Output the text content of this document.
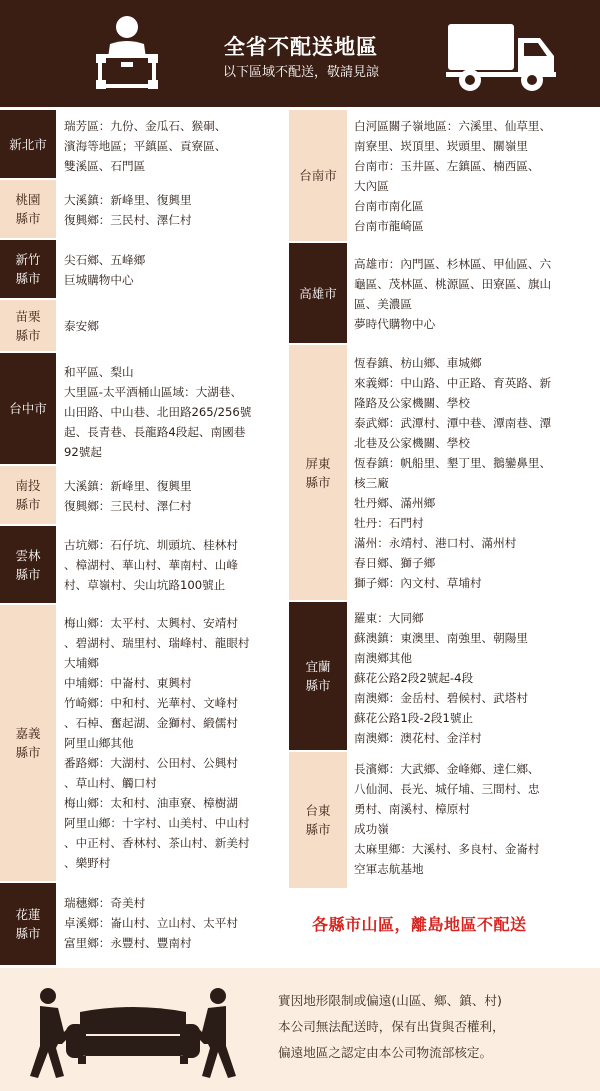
全省不配送地區
以下區域不配送，敬請見諒
新北市
桃園
縣市
新竹
縣市
苗栗
縣市
台中市
南投
縣市
雲林
縣市
嘉義
縣市
花蓮
縣市
瑞芳區：九份、金瓜石、猴硐、
濱海等地區；平鎮區、貢寮區、
雙溪區、石門區
大溪鎮：新峰里、復興里
復興鄉：三民村、澤仁村
尖石鄉、五峰鄉
巨城購物中心
泰安鄉
和平區、梨山
大里區-太平酒桶山區域：大湖巷、
山田路、中山巷、北田路265/256號
起、長青巷、長龍路4段起、南國巷
92號起
大溪鎮：新峰里、復興里
復興鄉：三民村、澤仁村
古坑鄉：石仔坑、圳頭坑、桂林村
、樟湖村、華山村、華南村、山峰
村、草嶺村、尖山坑路100號止
梅山鄉：太平村、太興村、安靖村
、碧湖村、瑞里村、瑞峰村、龍眼村
大埔鄉
中埔鄉：中崙村、東興村
竹崎鄉：中和村、光華村、文峰村
、石棹、奮起湖、金獅村、緞儒村
阿里山鄉其他
番路鄉：大湖村、公田村、公興村
、草山村、觸口村
梅山鄉：太和村、油車寮、樟樹湖
阿里山鄉：十字村、山美村、中山村
、中正村、香林村、茶山村、新美村
、樂野村
瑞穗鄉：奇美村
卓溪鄉：崙山村、立山村、太平村
富里鄉：永豐村、豐南村
台南市
高雄市
屏東
縣市
宜蘭
縣市
台東
縣市
白河區關子嶺地區：六溪里、仙草里、
南寮里、崁頂里、崁頭里、關嶺里
台南市：玉井區、左鎮區、楠西區、
大內區
台南市南化區
台南市龍崎區
高雄市：內門區、杉林區、甲仙區、六
龜區、茂林區、桃源區、田寮區、旗山
區、美濃區
夢時代購物中心
恆春鎮、枋山鄉、車城鄉
來義鄉：中山路、中正路、育英路、新
隆路及公家機關、學校
泰武鄉：武潭村、潭中巷、潭南巷、潭
北巷及公家機關、學校
恆春鎮：帆船里、墾丁里、鵝鑾鼻里、
核三廠
牡丹鄉、滿州鄉
牡丹：石門村
滿州：永靖村、港口村、滿州村
春日鄉、獅子鄉
獅子鄉：內文村、草埔村
羅東：大同鄉
蘇澳鎮：東澳里、南強里、朝陽里
南澳鄉其他
蘇花公路2段2號起-4段
南澳鄉：金岳村、碧候村、武塔村
蘇花公路1段-2段1號止
南澳鄉：澳花村、金洋村
長濱鄉：大武鄉、金峰鄉、達仁鄉、
八仙洞、長光、城仔埔、三間村、忠
勇村、南溪村、樟原村
成功嶺
太麻里鄉：大溪村、多良村、金崙村
空軍志航基地
各縣市山區，離島地區不配送
實因地形限制或偏遠(山區、鄉、鎮、村)
本公司無法配送時，保有出貨與否權利，
偏遠地區之認定由本公司物流部核定。
